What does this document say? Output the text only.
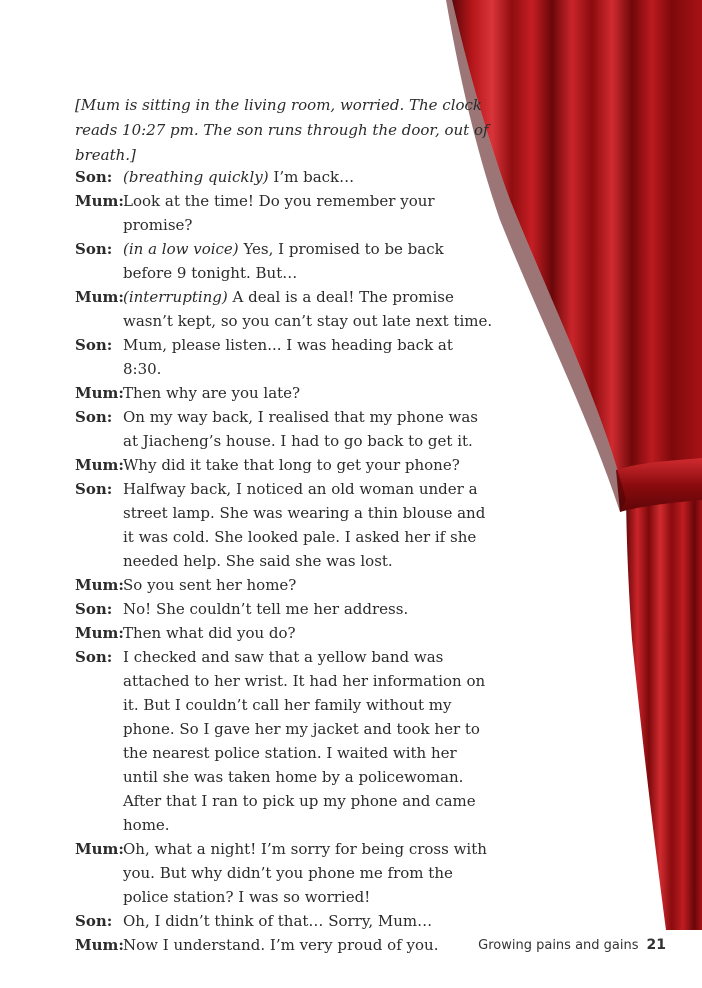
[Mum is sitting in the living room, worried. The clock reads 10:27 pm. The son runs through the door, out of breath.]
Son: (breathing quickly) I’m back…
Mum: Look at the time! Do you remember your promise?
Son: (in a low voice) Yes, I promised to be back before 9 tonight. But…
Mum: (interrupting) A deal is a deal! The promise wasn’t kept, so you can’t stay out late next time.
Son: Mum, please listen... I was heading back at 8:30.
Mum: Then why are you late?
Son: On my way back, I realised that my phone was at Jiacheng’s house. I had to go back to get it.
Mum: Why did it take that long to get your phone?
Son: Halfway back, I noticed an old woman under a street lamp. She was wearing a thin blouse and it was cold. She looked pale. I asked her if she needed help. She said she was lost.
Mum: So you sent her home?
Son: No! She couldn’t tell me her address.
Mum: Then what did you do?
Son: I checked and saw that a yellow band was attached to her wrist. It had her information on it. But I couldn’t call her family without my phone. So I gave her my jacket and took her to the nearest police station. I waited with her until she was taken home by a policewoman. After that I ran to pick up my phone and came home.
Mum: Oh, what a night! I’m sorry for being cross with you. But why didn’t you phone me from the police station? I was so worried!
Son: Oh, I didn’t think of that… Sorry, Mum…
Mum: Now I understand. I’m very proud of you.	Growing pains and gains 21
